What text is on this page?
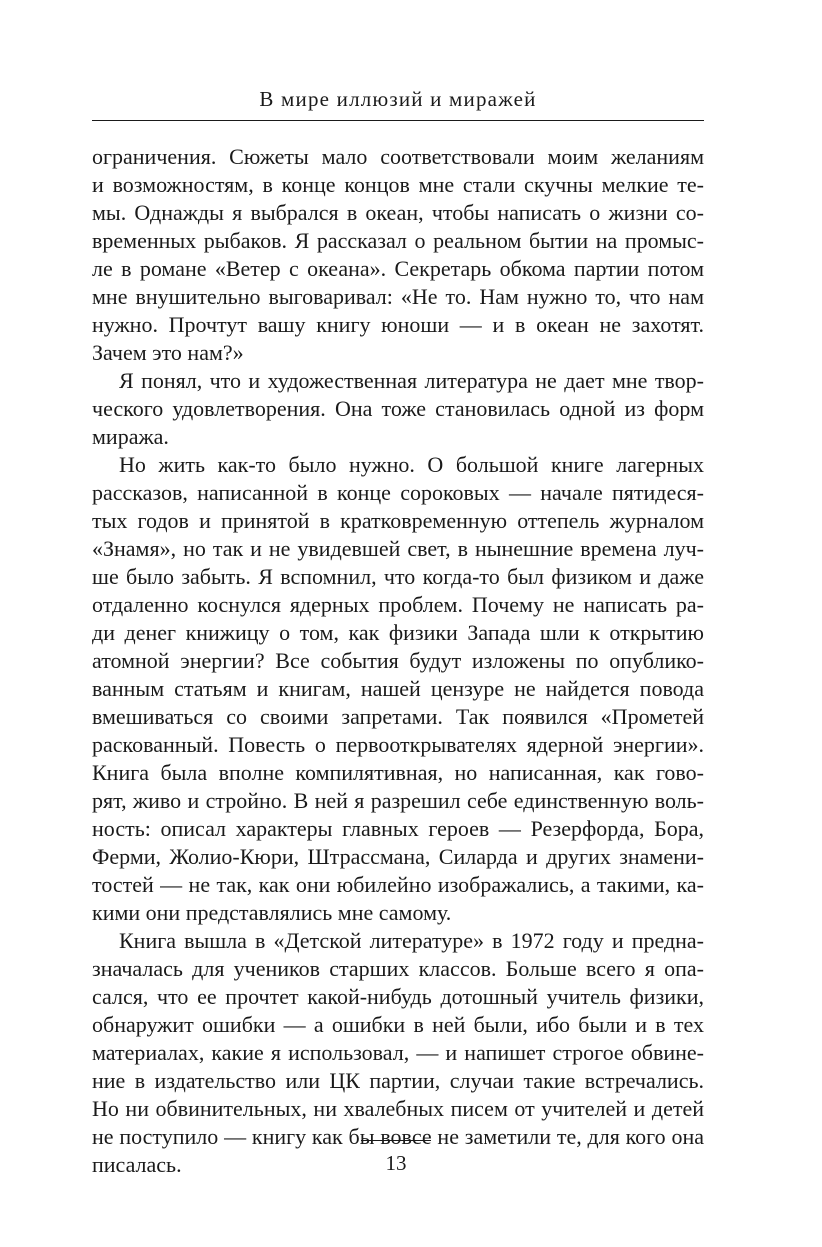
В мире иллюзий и миражей
ограничения. Сюжеты мало соответствовали моим желаниям
и возможностям, в конце концов мне стали скучны мелкие те-
мы. Однажды я выбрался в океан, чтобы написать о жизни со-
временных рыбаков. Я рассказал о реальном бытии на промыс-
ле в романе «Ветер с океана». Секретарь обкома партии потом
мне внушительно выговаривал: «Не то. Нам нужно то, что нам
нужно. Прочтут вашу книгу юноши — и в океан не захотят.
Зачем это нам?»
Я понял, что и художественная литература не дает мне твор-
ческого удовлетворения. Она тоже становилась одной из форм
миража.
Но жить как-то было нужно. О большой книге лагерных
рассказов, написанной в конце сороковых — начале пятидеся-
тых годов и принятой в кратковременную оттепель журналом
«Знамя», но так и не увидевшей свет, в нынешние времена луч-
ше было забыть. Я вспомнил, что когда-то был физиком и даже
отдаленно коснулся ядерных проблем. Почему не написать ра-
ди денег книжицу о том, как физики Запада шли к открытию
атомной энергии? Все события будут изложены по опублико-
ванным статьям и книгам, нашей цензуре не найдется повода
вмешиваться со своими запретами. Так появился «Прометей
раскованный. Повесть о первооткрывателях ядерной энергии».
Книга была вполне компилятивная, но написанная, как гово-
рят, живо и стройно. В ней я разрешил себе единственную воль-
ность: описал характеры главных героев — Резерфорда, Бора,
Ферми, Жолио-Кюри, Штрассмана, Силарда и других знамени-
тостей — не так, как они юбилейно изображались, а такими, ка-
кими они представлялись мне самому.
Книга вышла в «Детской литературе» в 1972 году и предна-
значалась для учеников старших классов. Больше всего я опа-
сался, что ее прочтет какой-нибудь дотошный учитель физики,
обнаружит ошибки — а ошибки в ней были, ибо были и в тех
материалах, какие я использовал, — и напишет строгое обвине-
ние в издательство или ЦК партии, случаи такие встречались.
Но ни обвинительных, ни хвалебных писем от учителей и детей
не поступило — книгу как бы вовсе не заметили те, для кого она
писалась.	13
